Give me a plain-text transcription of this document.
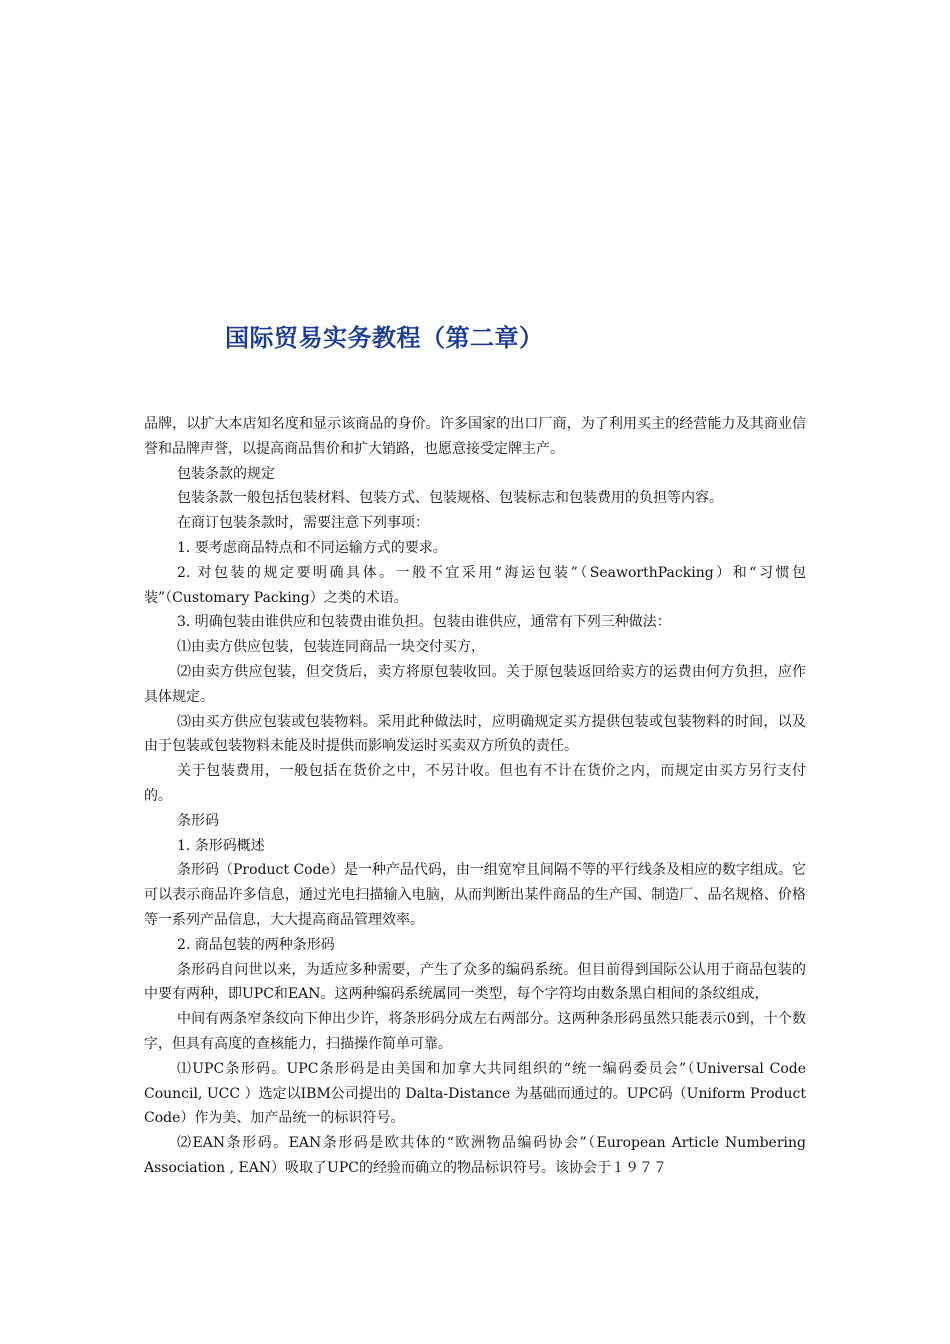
国际贸易实务教程（第二章）

品牌，以扩大本店知名度和显示该商品的身价。许多国家的出口厂商，为了利用买主的经营能力及其商业信誉和品牌声誉，以提高商品售价和扩大销路，也愿意接受定牌主产。

包装条款的规定

包装条款一般包括包装材料、包装方式、包装规格、包装标志和包装费用的负担等内容。

在商订包装条款时，需要注意下列事项：

1. 要考虑商品特点和不同运输方式的要求。

2. 对包装的规定要明确具体。一般不宜采用“海运包装”（SeaworthPacking）和“习惯包装”（Customary Packing）之类的术语。

3. 明确包装由谁供应和包装费由谁负担。包装由谁供应，通常有下列三种做法：

⑴由卖方供应包装，包装连同商品一块交付买方，

⑵由卖方供应包装，但交货后，卖方将原包装收回。关于原包装返回给卖方的运费由何方负担，应作具体规定。

⑶由买方供应包装或包装物料。采用此种做法时，应明确规定买方提供包装或包装物料的时间，以及由于包装或包装物料未能及时提供而影响发运时买卖双方所负的责任。

关于包装费用，一般包括在货价之中，不另计收。但也有不计在货价之内，而规定由买方另行支付的。

条形码

1. 条形码概述

条形码（Product Code）是一种产品代码，由一组宽窄且间隔不等的平行线条及相应的数字组成。它可以表示商品许多信息，通过光电扫描输入电脑，从而判断出某件商品的生产国、制造厂、品名规格、价格等一系列产品信息，大大提高商品管理效率。

2. 商品包装的两种条形码

条形码自问世以来，为适应多种需要，产生了众多的编码系统。但目前得到国际公认用于商品包装的中要有两种，即UPC和EAN。这两种编码系统属同一类型，每个字符均由数条黑白相间的条纹组成，

中间有两条窄条纹向下伸出少许，将条形码分成左右两部分。这两种条形码虽然只能表示0到，十个数字，但具有高度的查核能力，扫描操作简单可靠。

⑴UPC条形码。UPC条形码是由美国和加拿大共同组织的“统一编码委员会”（Universal Code Council, UCC ）选定以IBM公司提出的 Dalta-Distance 为基础而通过的。UPC码（Uniform Product Code）作为美、加产品统一的标识符号。

⑵EAN条形码。EAN条形码是欧共体的“欧洲物品编码协会”（European Article Numbering Association , EAN）吸取了UPC的经验而确立的物品标识符号。该协会于１９７７
